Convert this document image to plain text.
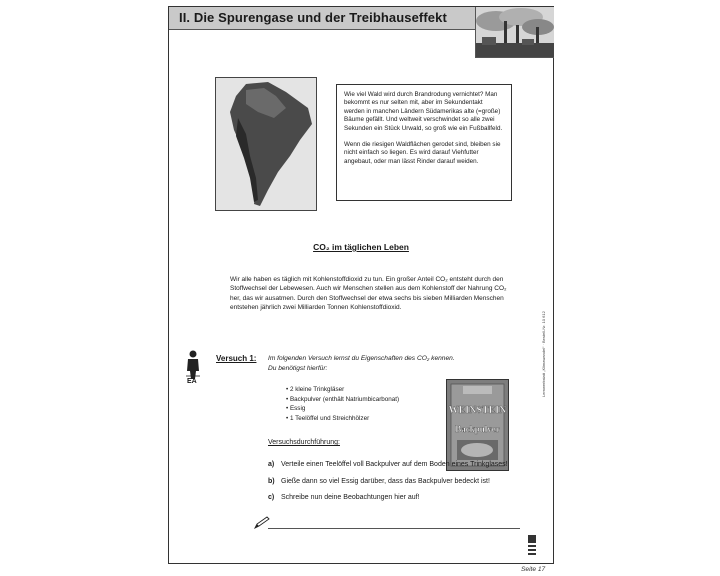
II. Die Spurengase und der Treibhauseffekt

Wie viel Wald wird durch Brandrodung vernichtet? Man bekommt es nur selten mit, aber im Sekundentakt werden in manchen Ländern Südamerikas alte (=große) Bäume gefällt. Und weltweit verschwindet so alle zwei Sekunden ein Stück Urwald, so groß wie ein Fußballfeld.

Wenn die riesigen Waldflächen gerodet sind, bleiben sie nicht einfach so liegen. Es wird darauf Viehfutter angebaut, oder man lässt Rinder darauf weiden.

CO₂ im täglichen Leben
Wir alle haben es täglich mit Kohlenstoffdioxid zu tun. Ein großer Anteil CO₂ entsteht durch den Stoffwechsel der Lebewesen. Auch wir Menschen stellen aus dem Kohlenstoff der Nahrung CO₂ her, das wir ausatmen. Durch den Stoffwechsel der etwa sechs bis sieben Milliarden Menschen entstehen jährlich zwei Milliarden Tonnen Kohlenstoffdioxid.
EA
Versuch 1: Im folgenden Versuch lernst du Eigenschaften des CO₂ kennen.
Du benötigst hierfür:
• 2 kleine Trinkgläser
• Backpulver (enthält Natriumbicarbonat)
• Essig
• 1 Teelöffel und Streichhölzer
WEINSTEIN
Backpulver
Versuchsdurchführung:
a) Verteile einen Teelöffel voll Backpulver auf dem Boden eines Trinkglases!
b) Gieße dann so viel Essig darüber, dass das Backpulver bedeckt ist!
c) Schreibe nun deine Beobachtungen hier auf!
Lernwerkstatt „Klimawandel“ · Bestell-Nr. 10 612
Seite 17
